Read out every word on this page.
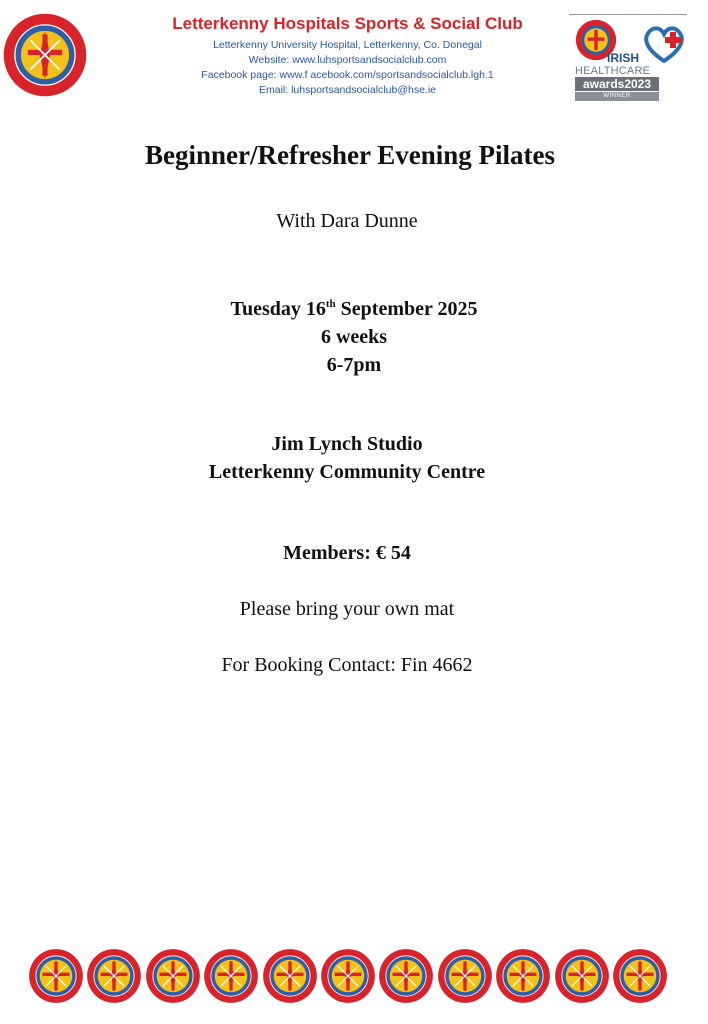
Letterkenny Hospitals Sports & Social Club
Letterkenny University Hospital, Letterkenny, Co. Donegal
Website: www.luhsportsandsocialclub.com
Facebook page: www.f acebook.com/sportsandsocialclub.lgh.1
Email: luhsportsandsocialclub@hse.ie
IRISH
HEALTHCARE
awards2023
WINNER
Beginner/Refresher Evening Pilates
With Dara Dunne
Tuesday 16th September 2025
6 weeks
6-7pm
Jim Lynch Studio
Letterkenny Community Centre
Members: € 54
Please bring your own mat
For Booking Contact: Fin 4662
